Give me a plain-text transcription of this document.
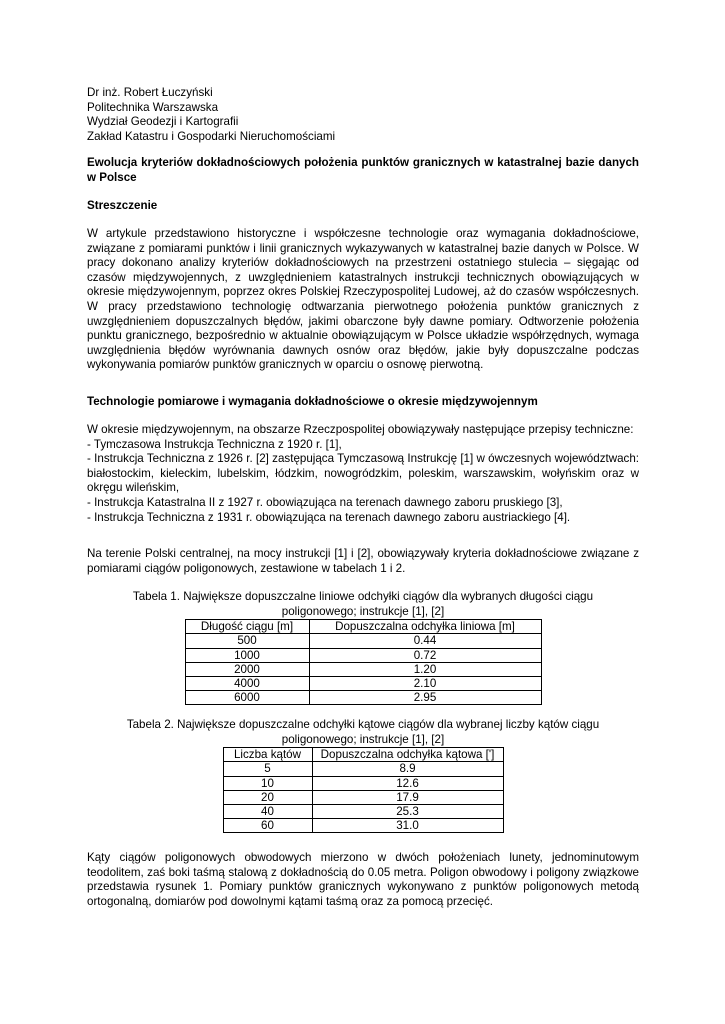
Dr inż. Robert Łuczyński

Politechnika Warszawska

Wydział Geodezji i Kartografii

Zakład Katastru i Gospodarki Nieruchomościami

Ewolucja kryteriów dokładnościowych położenia punktów granicznych w katastralnej bazie danych w Polsce

Streszczenie

W artykule przedstawiono historyczne i współczesne technologie oraz wymagania dokładnościowe, związane z pomiarami punktów i linii granicznych wykazywanych w katastralnej bazie danych w Polsce. W pracy dokonano analizy kryteriów dokładnościowych na przestrzeni ostatniego stulecia – sięgając od czasów międzywojennych, z uwzględnieniem katastralnych instrukcji technicznych obowiązujących w okresie międzywojennym, poprzez okres Polskiej Rzeczypospolitej Ludowej, aż do czasów współczesnych. W pracy przedstawiono technologię odtwarzania pierwotnego położenia punktów granicznych z uwzględnieniem dopuszczalnych błędów, jakimi obarczone były dawne pomiary. Odtworzenie położenia punktu granicznego, bezpośrednio w aktualnie obowiązującym w Polsce układzie współrzędnych, wymaga uwzględnienia błędów wyrównania dawnych osnów oraz błędów, jakie były dopuszczalne podczas wykonywania pomiarów punktów granicznych w oparciu o osnowę pierwotną.

Technologie pomiarowe i wymagania dokładnościowe o okresie międzywojennym

W okresie międzywojennym, na obszarze Rzeczpospolitej obowiązywały następujące przepisy techniczne:

- Tymczasowa Instrukcja Techniczna z 1920 r. [1],
- Instrukcja Techniczna z 1926 r. [2] zastępująca Tymczasową Instrukcję [1] w ówczesnych województwach: białostockim, kieleckim, lubelskim, łódzkim, nowogródzkim, poleskim, warszawskim, wołyńskim oraz w okręgu wileńskim,
- Instrukcja Katastralna II z 1927 r. obowiązująca na terenach dawnego zaboru pruskiego [3],
- Instrukcja Techniczna z 1931 r. obowiązująca na terenach dawnego zaboru austriackiego [4].

Na terenie Polski centralnej, na mocy instrukcji [1] i [2], obowiązywały kryteria dokładnościowe związane z pomiarami ciągów poligonowych, zestawione w tabelach 1 i 2.

Tabela 1. Największe dopuszczalne liniowe odchyłki ciągów dla wybranych długości ciągu poligonowego; instrukcje [1], [2]

Długość ciągu [m]	Dopuszczalna odchyłka liniowa [m]
500	0.44
1000	0.72
2000	1.20
4000	2.10
6000	2.95

Tabela 2. Największe dopuszczalne odchyłki kątowe ciągów dla wybranej liczby kątów ciągu poligonowego; instrukcje [1], [2]

Liczba kątów	Dopuszczalna odchyłka kątowa [']
5	8.9
10	12.6
20	17.9
40	25.3
60	31.0

Kąty ciągów poligonowych obwodowych mierzono w dwóch położeniach lunety, jednominutowym teodolitem, zaś boki taśmą stalową z dokładnością do 0.05 metra. Poligon obwodowy i poligony związkowe przedstawia rysunek 1. Pomiary punktów granicznych wykonywano z punktów poligonowych metodą ortogonalną, domiarów pod dowolnymi kątami taśmą oraz za pomocą przecięć.
